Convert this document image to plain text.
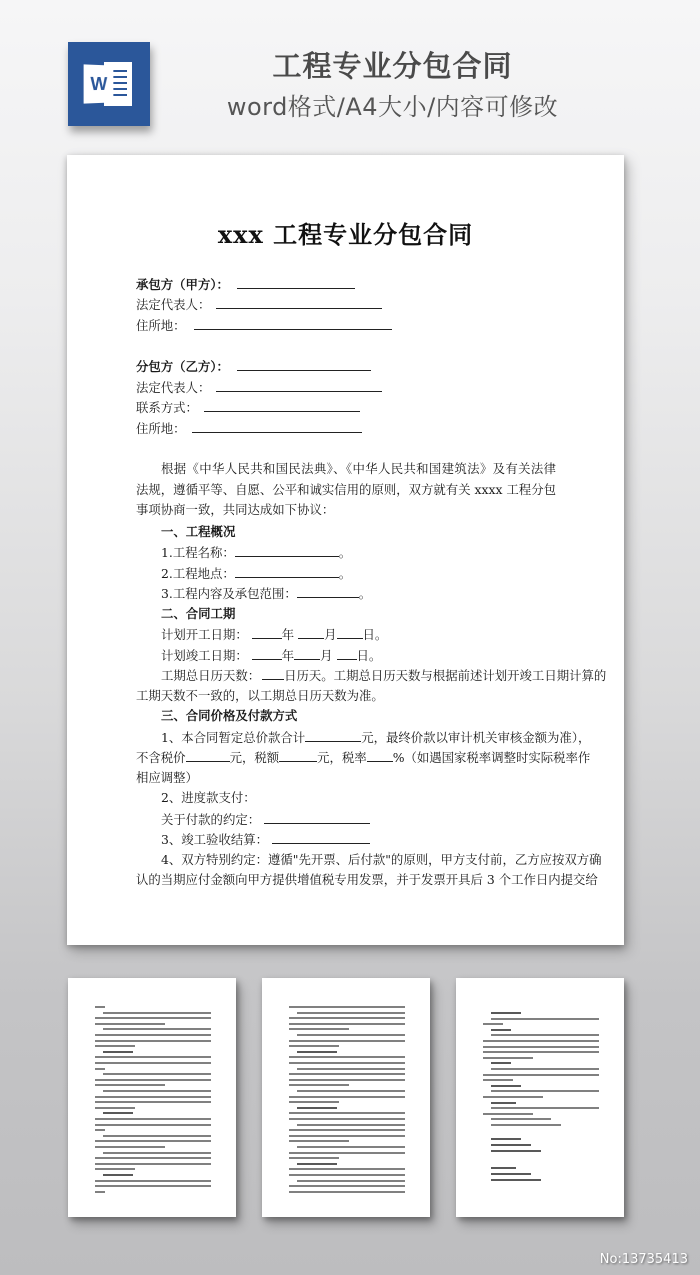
W
工程专业分包合同
word格式/A4大小/内容可修改
xxx 工程专业分包合同
承包方（甲方）：
法定代表人：
住所地：
分包方（乙方）：
法定代表人：
联系方式：
住所地：
根据《中华人民共和国民法典》、《中华人民共和国建筑法》及有关法律法规，遵循平等、自愿、公平和诚实信用的原则，双方就有关 xxxx 工程分包事项协商一致，共同达成如下协议：
一、工程概况
1.工程名称：	。
2.工程地点：	。
3.工程内容及承包范围：	。
二、合同工期
计划开工日期：	年 月 日。
计划竣工日期：	年 月 日。
工期总日历天数： 日历天。工期总日历天数与根据前述计划开竣工日期计算的
工期天数不一致的，以工期总日历天数为准。
三、合同价格及付款方式
1、本合同暂定总价款合计	元，最终价款以审计机关审核金额为准），
不含税价	元，税额	元，税率 %（如遇国家税率调整时实际税率作
相应调整）
2、进度款支付：
关于付款的约定：
3、竣工验收结算：
4、双方特别约定：遵循"先开票、后付款"的原则，甲方支付前，乙方应按双方确
认的当期应付金额向甲方提供增值税专用发票，并于发票开具后 3 个工作日内提交给
No:13735413
